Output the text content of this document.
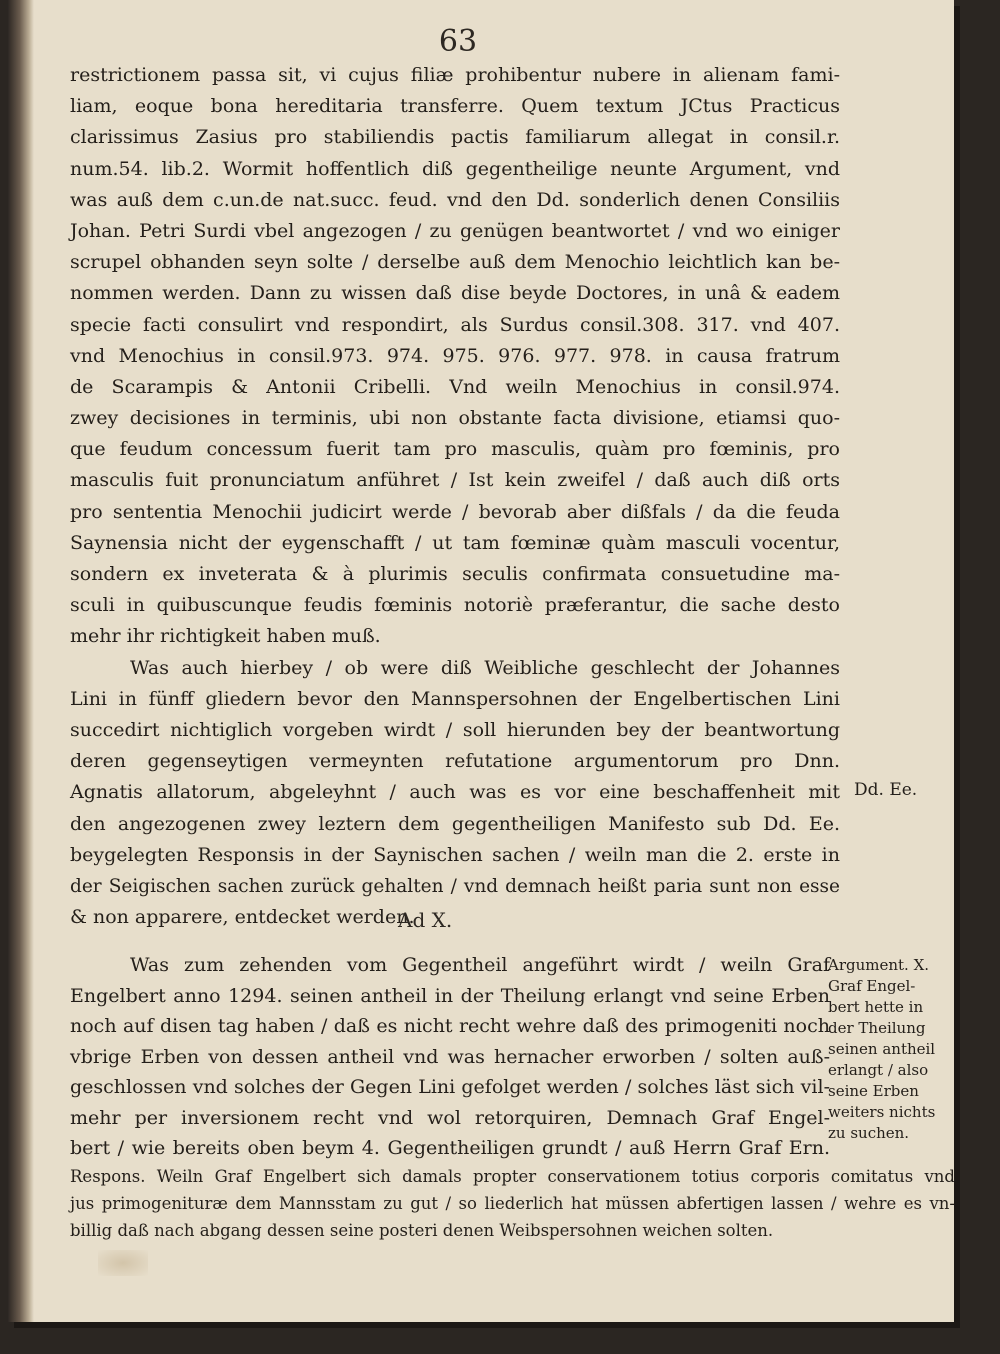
63
restrictionem passa sit, vi cujus filiæ prohibentur nubere in alienam fami-
liam, eoque bona hereditaria transferre. Quem textum JCtus Practicus
clarissimus Zasius pro stabiliendis pactis familiarum allegat in consil.r.
num.54. lib.2. Wormit hoffentlich diß gegentheilige neunte Argument, vnd
was auß dem c.un.de nat.succ. feud. vnd den Dd. sonderlich denen Consiliis
Johan. Petri Surdi vbel angezogen / zu genügen beantwortet / vnd wo einiger
scrupel obhanden seyn solte / derselbe auß dem Menochio leichtlich kan be-
nommen werden. Dann zu wissen daß dise beyde Doctores, in unâ & eadem
specie facti consulirt vnd respondirt, als Surdus consil.308. 317. vnd 407.
vnd Menochius in consil.973. 974. 975. 976. 977. 978. in causa fratrum
de Scarampis & Antonii Cribelli. Vnd weiln Menochius in consil.974.
zwey decisiones in terminis, ubi non obstante facta divisione, etiamsi quo-
que feudum concessum fuerit tam pro masculis, quàm pro fœminis, pro
masculis fuit pronunciatum anführet / Ist kein zweifel / daß auch diß orts
pro sententia Menochii judicirt werde / bevorab aber dißfals / da die feuda
Saynensia nicht der eygenschafft / ut tam fœminæ quàm masculi vocentur,
sondern ex inveterata & à plurimis seculis confirmata consuetudine ma-
sculi in quibuscunque feudis fœminis notoriè præferantur, die sache desto
mehr ihr richtigkeit haben muß.
Was auch hierbey / ob were diß Weibliche geschlecht der Johannes
Lini in fünff gliedern bevor den Mannspersohnen der Engelbertischen Lini
succedirt nichtiglich vorgeben wirdt / soll hierunden bey der beantwortung
deren gegenseytigen vermeynten refutatione argumentorum pro Dnn.
Agnatis allatorum, abgeleyhnt / auch was es vor eine beschaffenheit mit
den angezogenen zwey leztern dem gegentheiligen Manifesto sub Dd. Ee.
beygelegten Responsis in der Saynischen sachen / weiln man die 2. erste in
der Seigischen sachen zurück gehalten / vnd demnach heißt paria sunt non esse
& non apparere, entdecket werden.
Dd. Ee.
Ad X.
Was zum zehenden vom Gegentheil angeführt wirdt / weiln Graf
Engelbert anno 1294. seinen antheil in der Theilung erlangt vnd seine Erben
noch auf disen tag haben / daß es nicht recht wehre daß des primogeniti noch
vbrige Erben von dessen antheil vnd was hernacher erworben / solten auß-
geschlossen vnd solches der Gegen Lini gefolget werden / solches läst sich vil-
mehr per inversionem recht vnd wol retorquiren, Demnach Graf Engel-
bert / wie bereits oben beym 4. Gegentheiligen grundt / auß Herrn Graf Ern.
Argument. X.
Graf Engel-
bert hette in
der Theilung
seinen antheil
erlangt / also
seine Erben
weiters nichts
zu suchen.
Respons. Weiln Graf Engelbert sich damals propter conservationem totius corporis comitatus vnd
jus primogenituræ dem Mannsstam zu gut / so liederlich hat müssen abfertigen lassen / wehre es vn-
billig daß nach abgang dessen seine posteri denen Weibspersohnen weichen solten.
